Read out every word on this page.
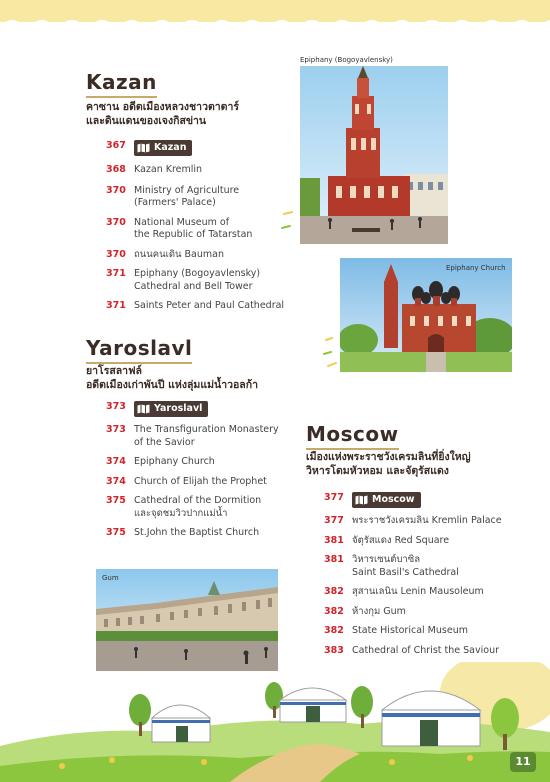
Kazan
คาซาน อดีตเมืองหลวงชาวตาตาร์
และดินแดนของเจงกิสข่าน
367	Kazan
368 Kazan Kremlin
370 Ministry of Agriculture
(Farmers' Palace)
370 National Museum of
the Republic of Tatarstan
370 ถนนคนเดิน Bauman
371 Epiphany (Bogoyavlensky)
Cathedral and Bell Tower
371 Saints Peter and Paul Cathedral
Yaroslavl
ยาโรสลาฟล์
อดีตเมืองเก่าพันปี แห่งลุ่มแม่น้ำวอลก้า
373	Yaroslavl
373 The Transfiguration Monastery
of the Savior
374 Epiphany Church
374 Church of Elijah the Prophet
375 Cathedral of the Dormition
และจุดชมวิวปากแม่น้ำ
375 St.John the Baptist Church
Moscow
เมืองแห่งพระราชวังเครมลินที่ยิ่งใหญ่
วิหารโดมหัวหอม และจัตุรัสแดง
377	Moscow
377 พระราชวังเครมลิน Kremlin Palace
381 จัตุรัสแดง Red Square
381 วิหารเซนต์บาซิล
Saint Basil's Cathedral
382 สุสานเลนิน Lenin Mausoleum
382 ห้างกุม Gum
382 State Historical Museum
383 Cathedral of Christ the Saviour
Epiphany (Bogoyavlensky)
Epiphany Church
Gum
11
